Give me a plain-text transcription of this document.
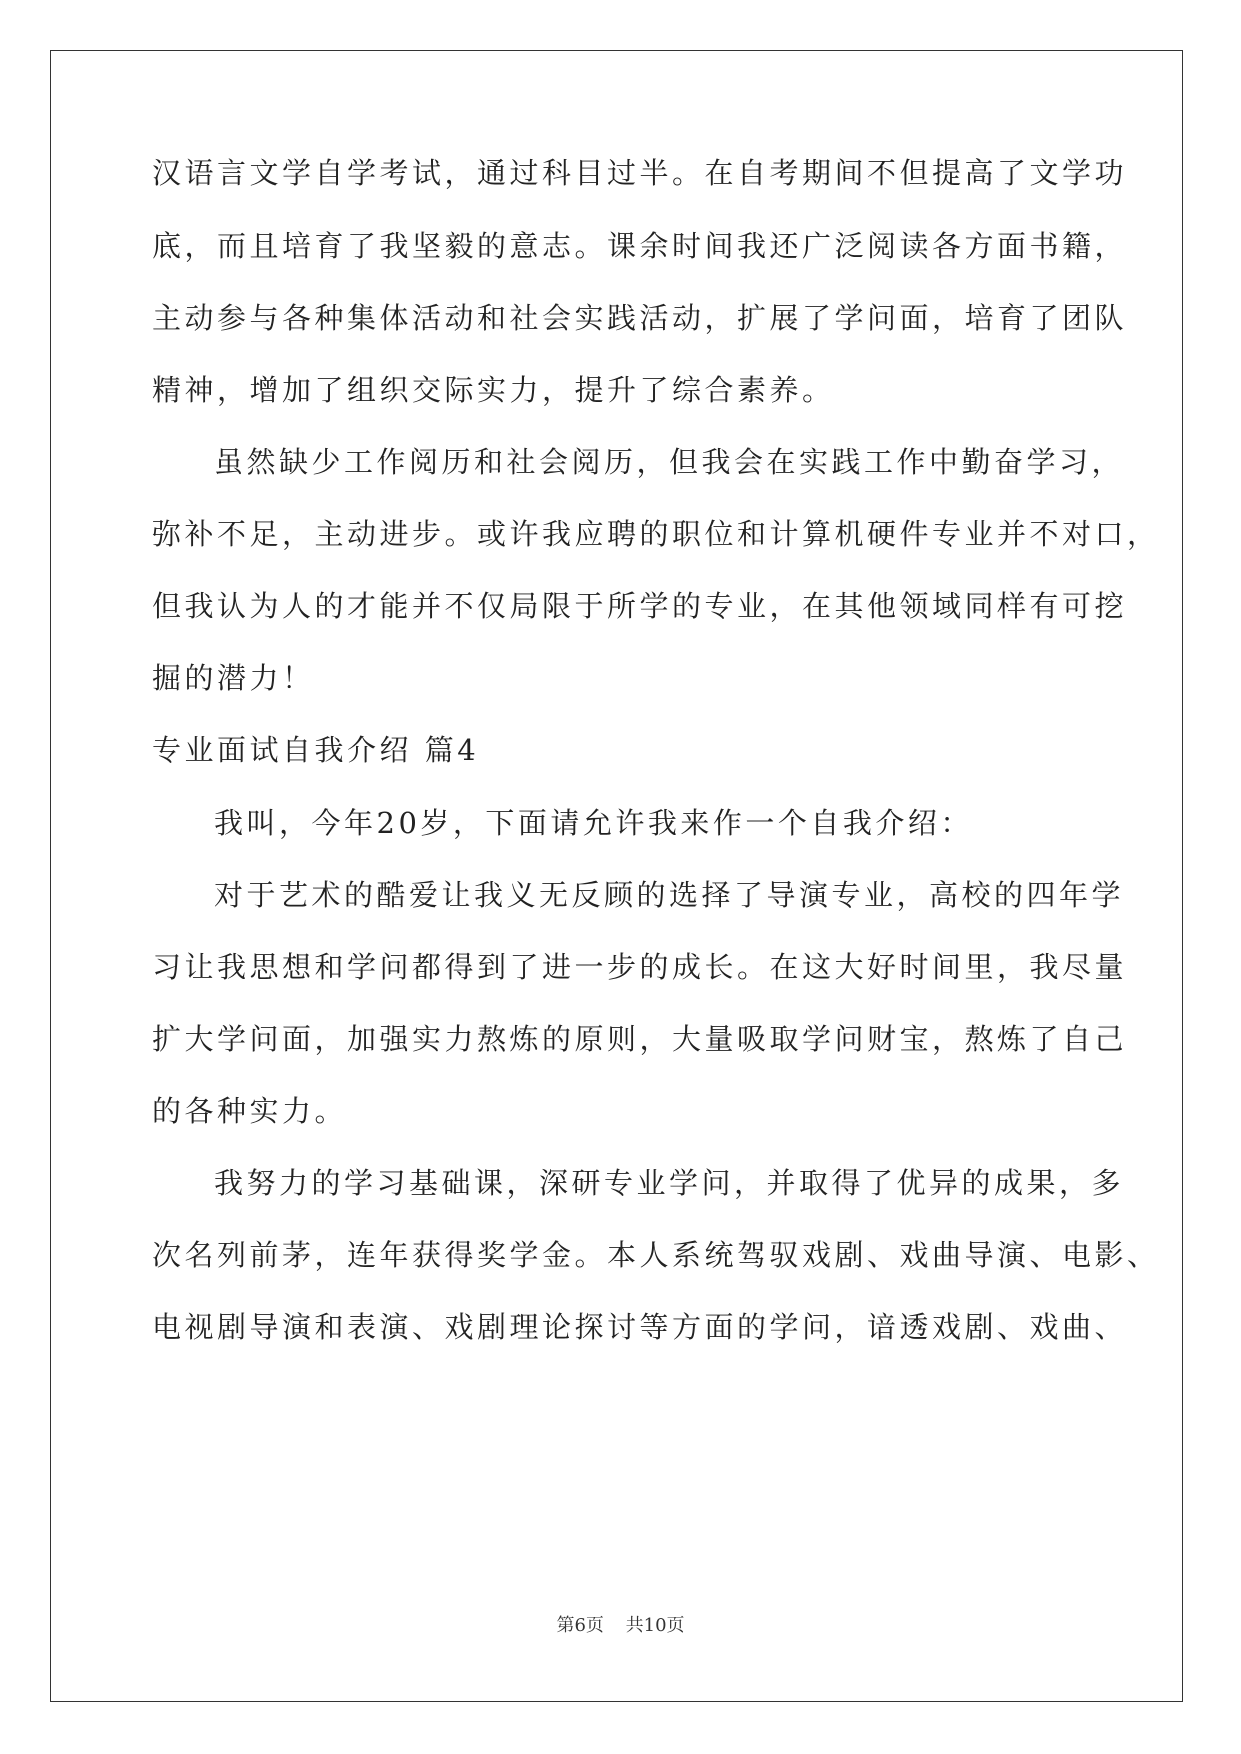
汉语言文学自学考试，通过科目过半。在自考期间不但提高了文学功

底，而且培育了我坚毅的意志。课余时间我还广泛阅读各方面书籍，

主动参与各种集体活动和社会实践活动，扩展了学问面，培育了团队

精神，增加了组织交际实力，提升了综合素养。

虽然缺少工作阅历和社会阅历，但我会在实践工作中勤奋学习，

弥补不足，主动进步。或许我应聘的职位和计算机硬件专业并不对口，

但我认为人的才能并不仅局限于所学的专业，在其他领域同样有可挖

掘的潜力！

专业面试自我介绍 篇4

我叫，今年20岁，下面请允许我来作一个自我介绍：

对于艺术的酷爱让我义无反顾的选择了导演专业，高校的四年学

习让我思想和学问都得到了进一步的成长。在这大好时间里，我尽量

扩大学问面，加强实力熬炼的原则，大量吸取学问财宝，熬炼了自己

的各种实力。

我努力的学习基础课，深研专业学问，并取得了优异的成果，多

次名列前茅，连年获得奖学金。本人系统驾驭戏剧、戏曲导演、电影、

电视剧导演和表演、戏剧理论探讨等方面的学问，谙透戏剧、戏曲、

第6页 共10页
